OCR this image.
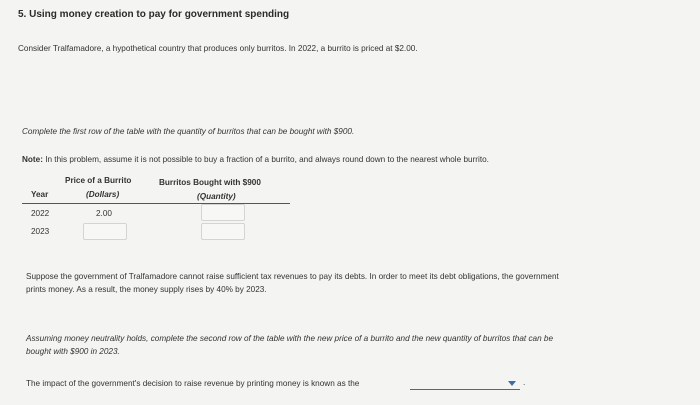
5. Using money creation to pay for government spending
Consider Tralfamadore, a hypothetical country that produces only burritos. In 2022, a burrito is priced at $2.00.
Complete the first row of the table with the quantity of burritos that can be bought with $900.
Note: In this problem, assume it is not possible to buy a fraction of a burrito, and always round down to the nearest whole burrito.
Price of a Burrito
(Dollars)
Burritos Bought with $900
(Quantity)
Year
2022	2.00
2023
Suppose the government of Tralfamadore cannot raise sufficient tax revenues to pay its debts. In order to meet its debt obligations, the government
prints money. As a result, the money supply rises by 40% by 2023.
Assuming money neutrality holds, complete the second row of the table with the new price of a burrito and the new quantity of burritos that can be
bought with $900 in 2023.
The impact of the government's decision to raise revenue by printing money is known as the	.
